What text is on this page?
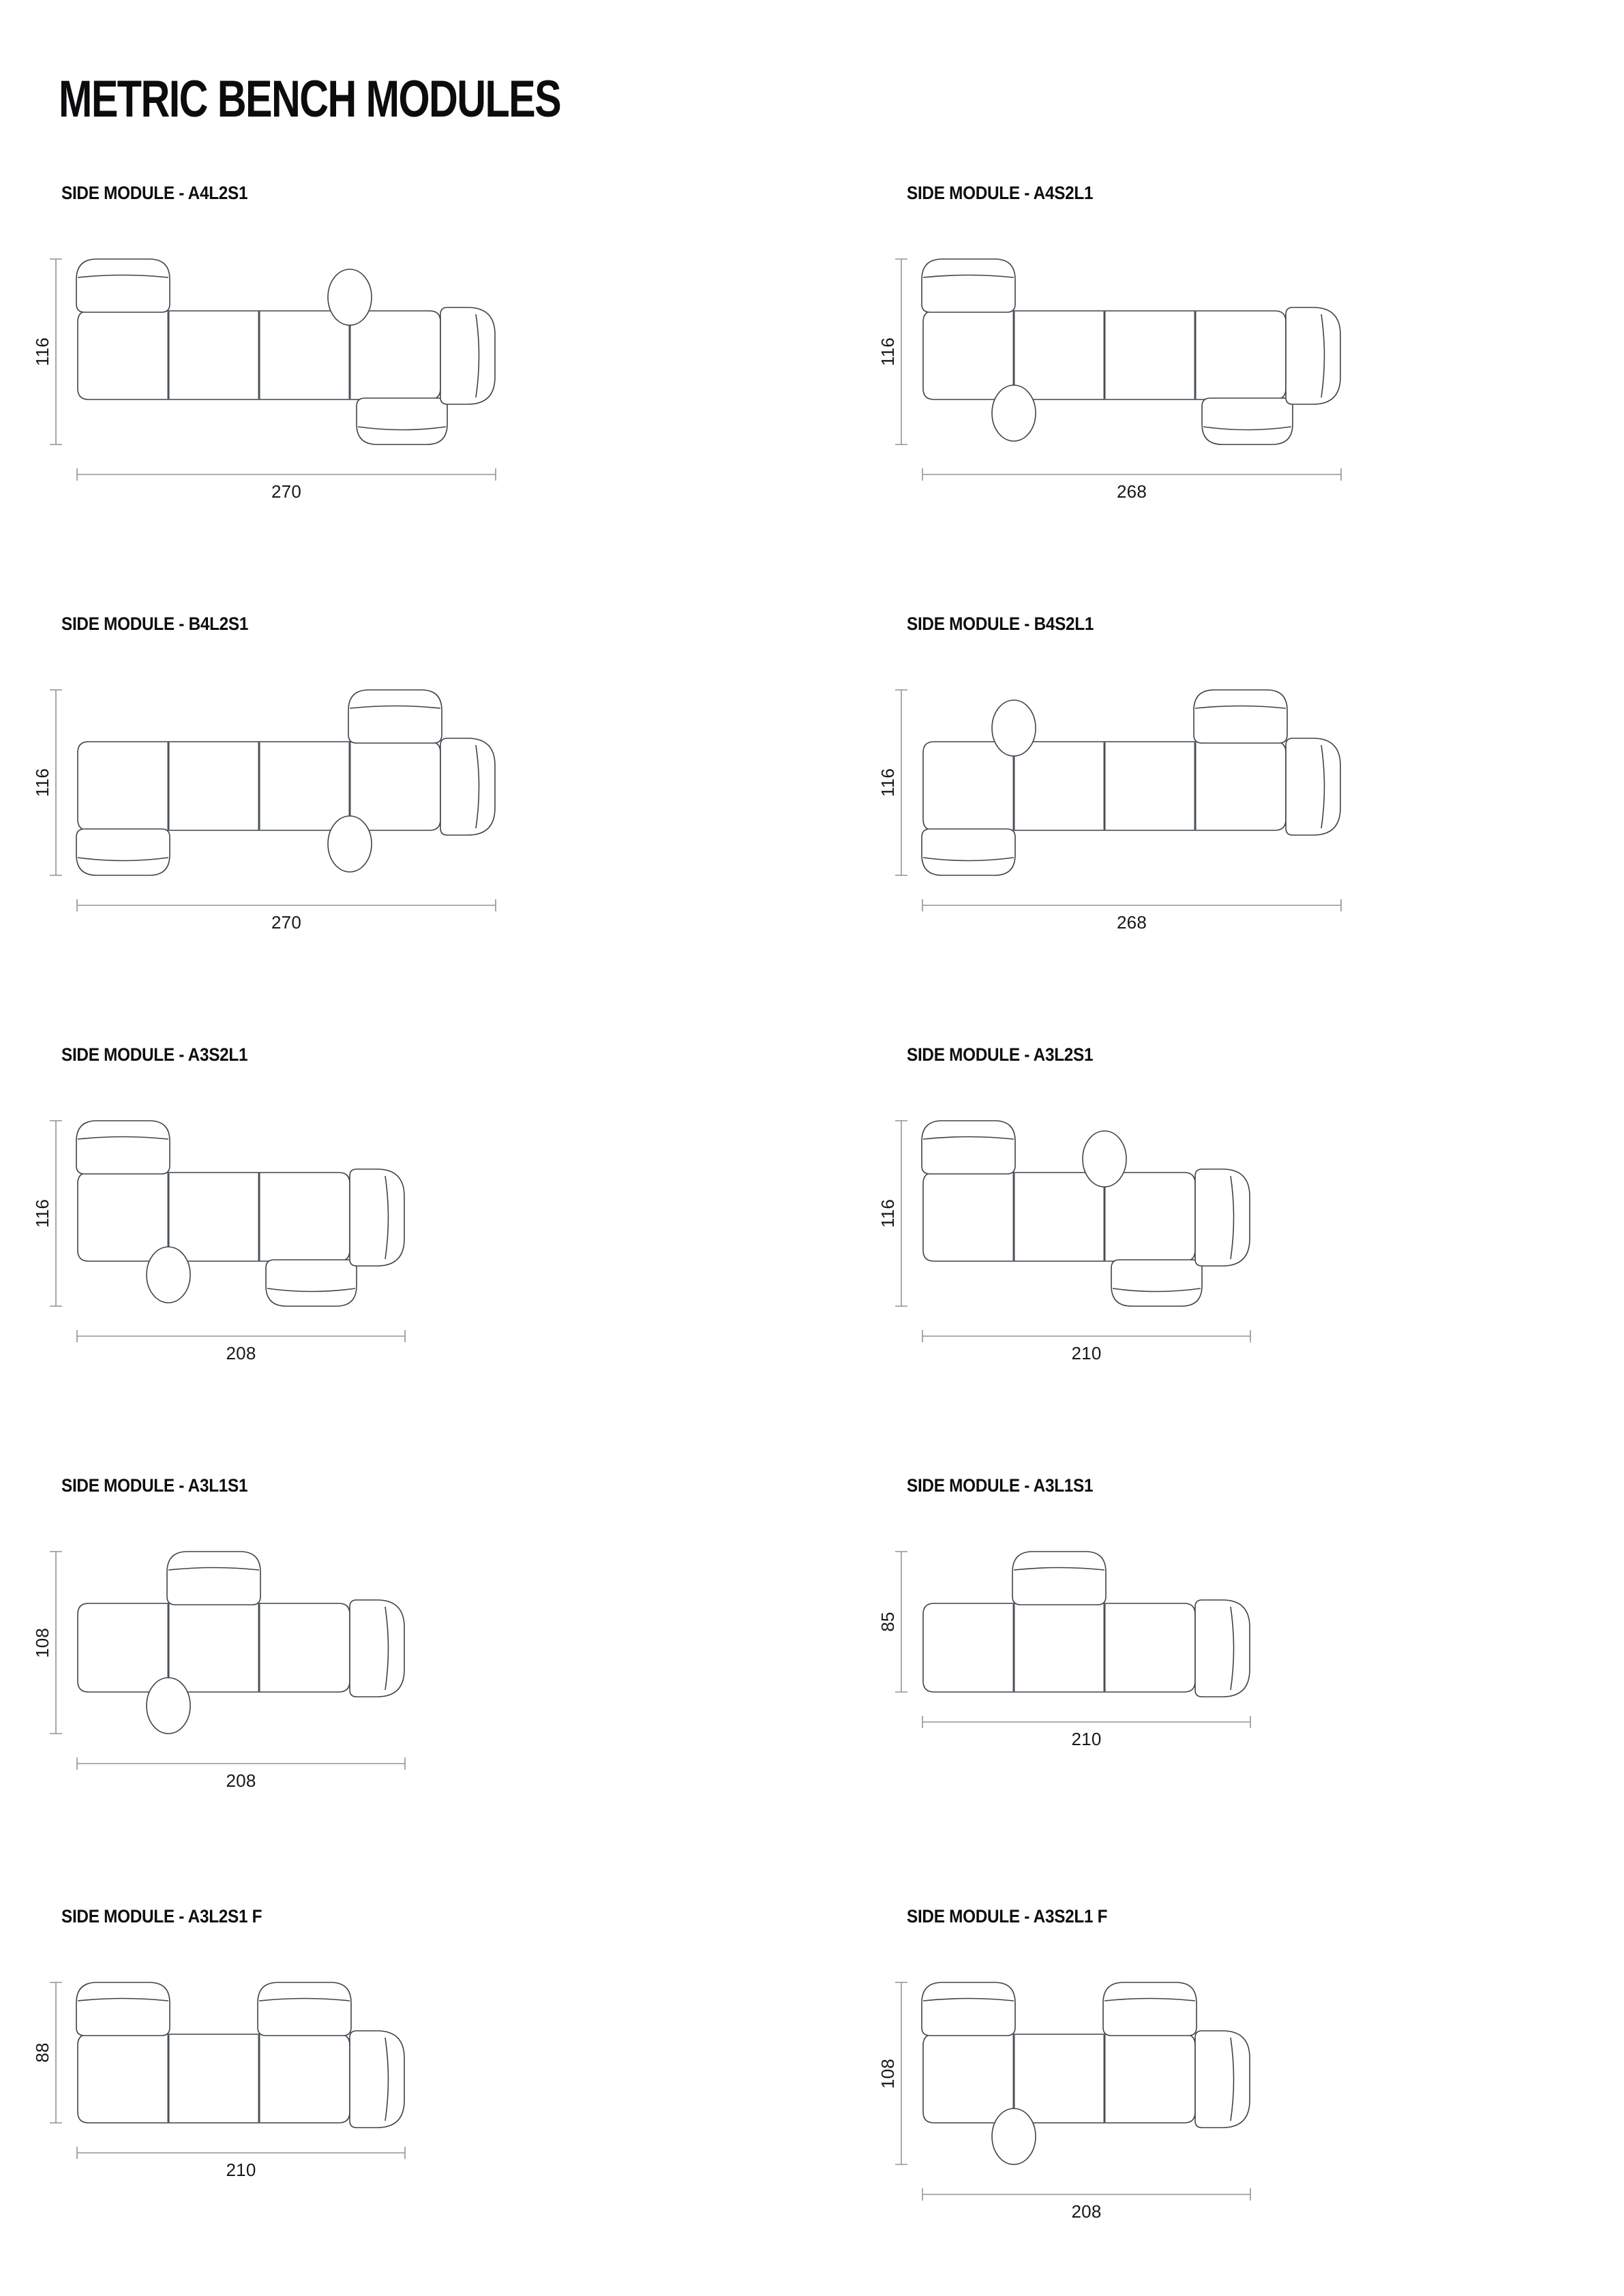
METRIC BENCH MODULES
SIDE MODULE - A4L2S1	SIDE MODULE - A4S2L1
SIDE MODULE - B4L2S1	SIDE MODULE - B4S2L1
SIDE MODULE - A3S2L1	SIDE MODULE - A3L2S1
SIDE MODULE - A3L1S1	SIDE MODULE - A3L1S1
SIDE MODULE - A3L2S1 F	SIDE MODULE - A3S2L1 F
270	268
270	268
208	210
208
210
210
208
116	116
116	116
116	116
108
85
88
108
